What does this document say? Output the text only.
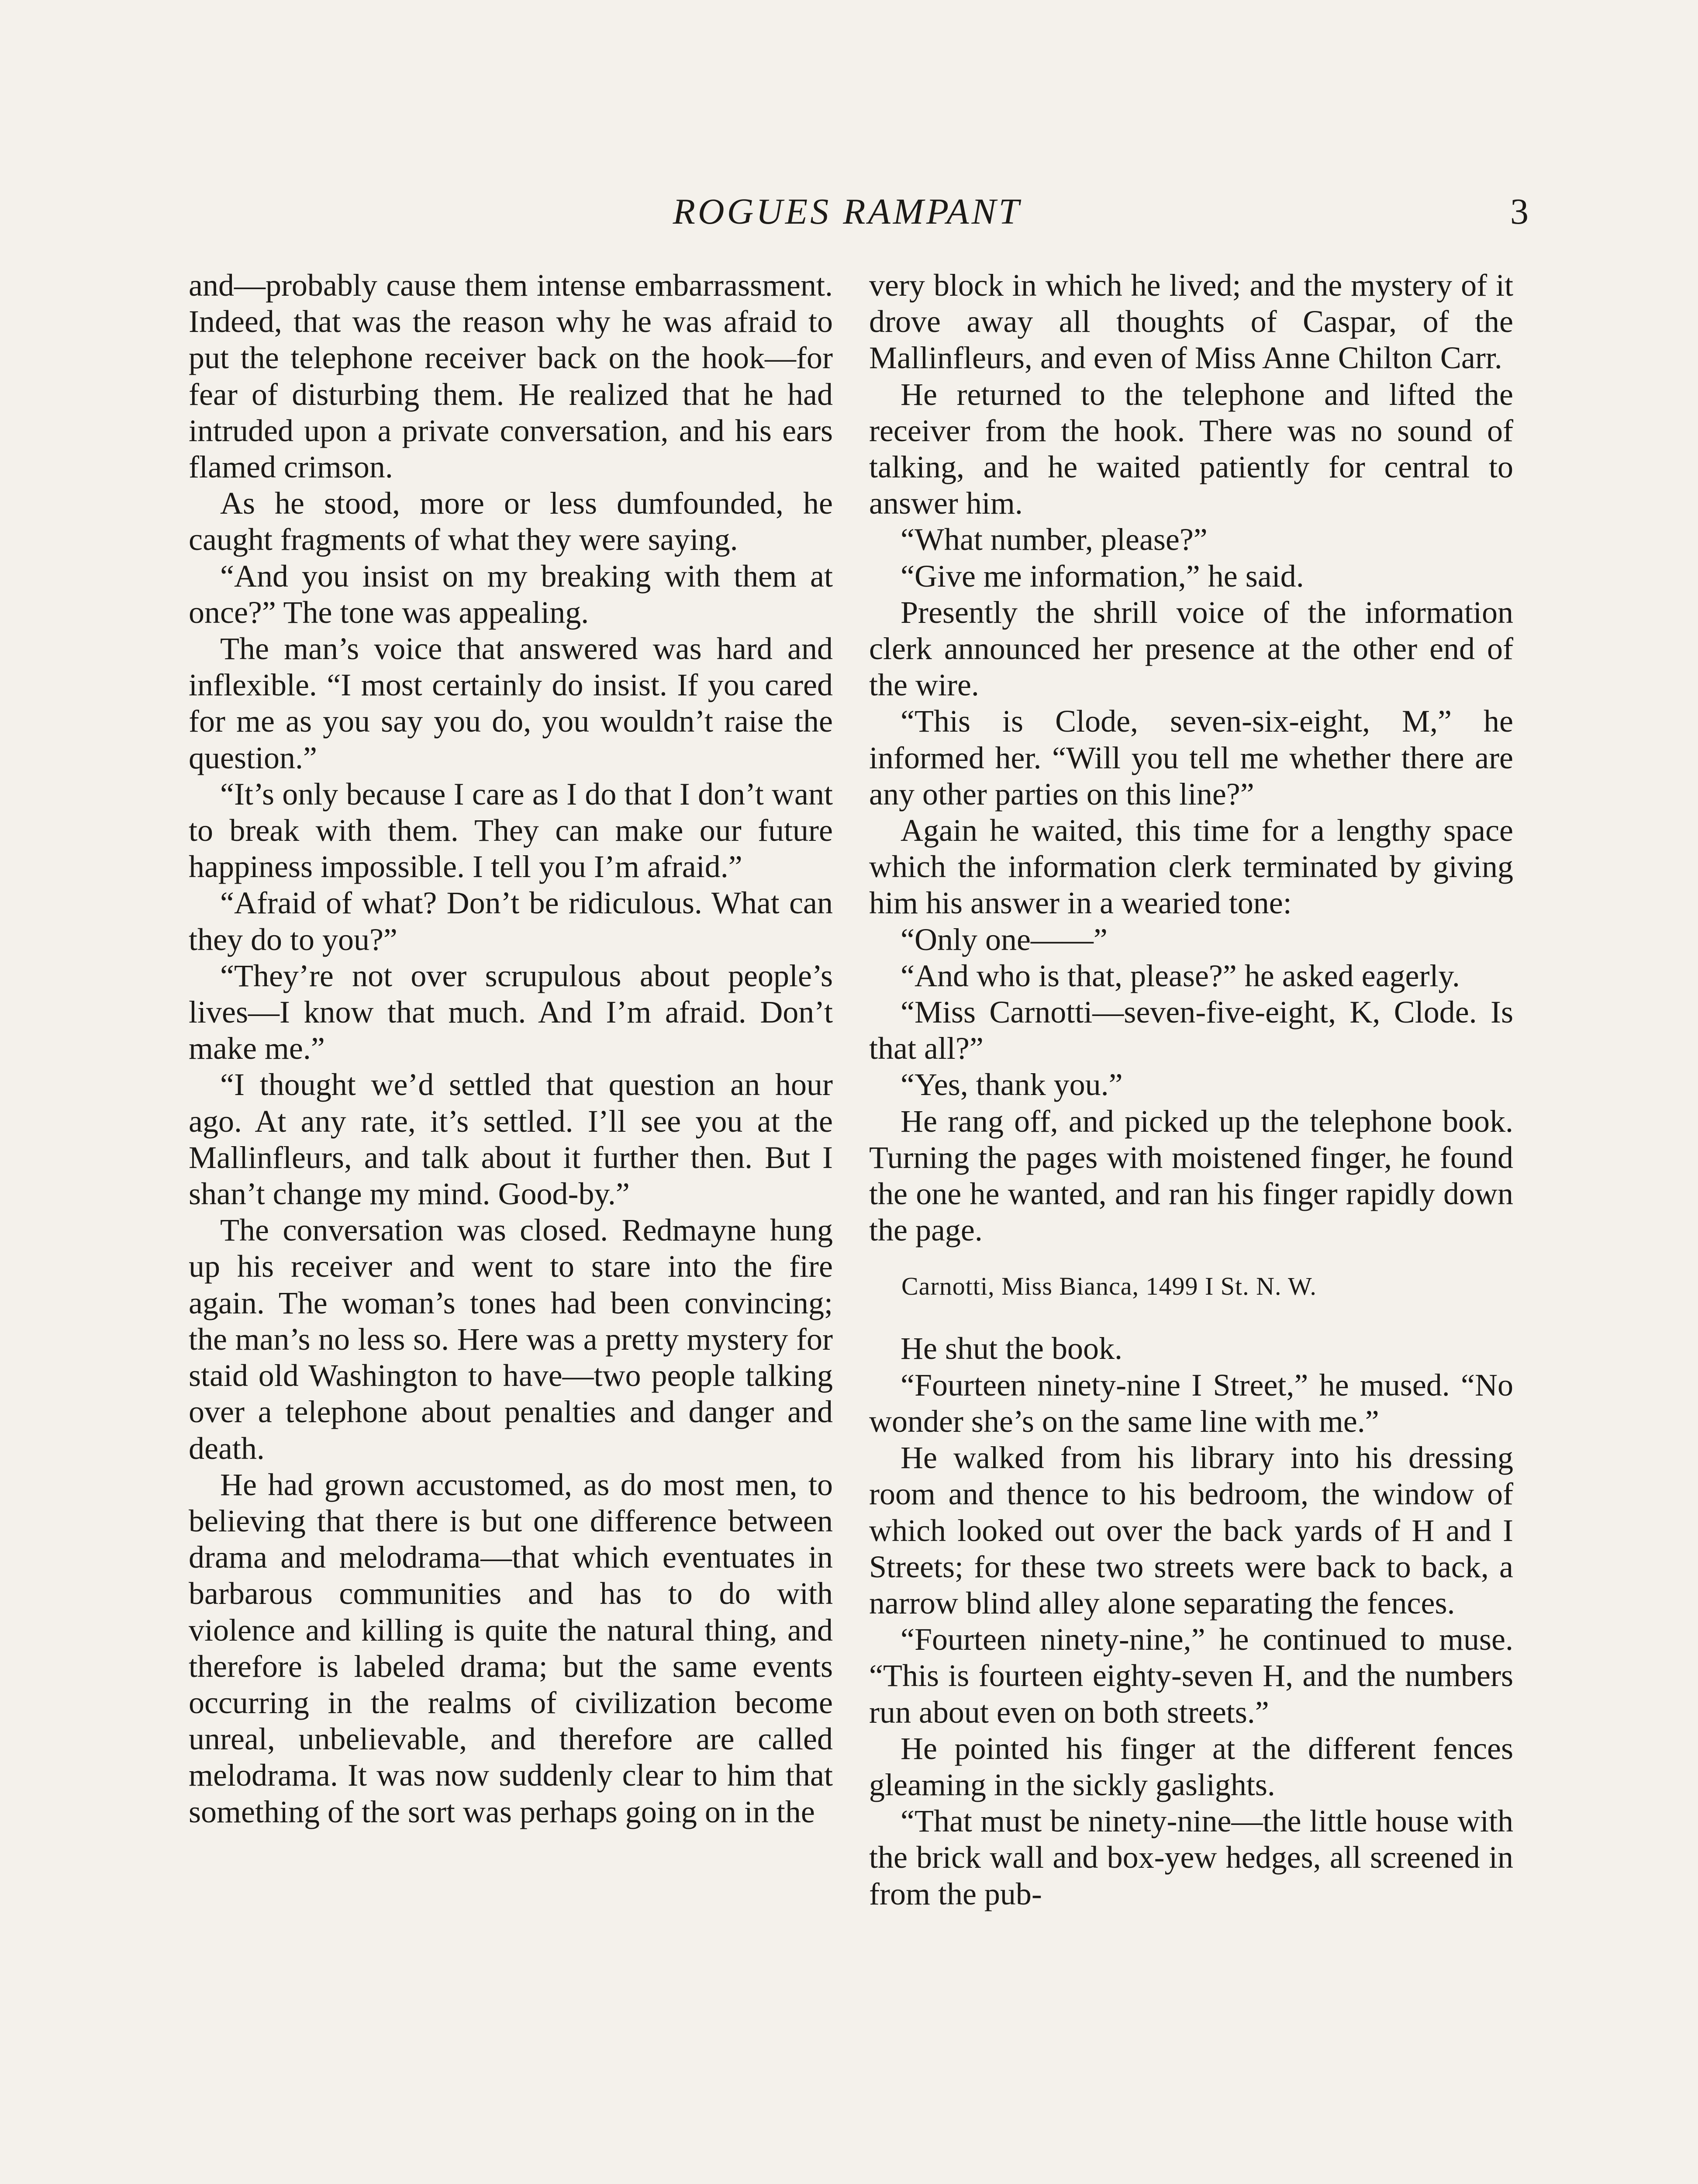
ROGUES RAMPANT	3

and—probably cause them intense embarrassment. Indeed, that was the reason why he was afraid to put the telephone receiver back on the hook—for fear of disturbing them. He realized that he had intruded upon a private conversation, and his ears flamed crimson.

As he stood, more or less dumfounded, he caught fragments of what they were saying.

“And you insist on my breaking with them at once?” The tone was appealing.

The man’s voice that answered was hard and inflexible. “I most certainly do insist. If you cared for me as you say you do, you wouldn’t raise the question.”

“It’s only because I care as I do that I don’t want to break with them. They can make our future happiness impossible. I tell you I’m afraid.”

“Afraid of what? Don’t be ridiculous. What can they do to you?”

“They’re not over scrupulous about people’s lives—I know that much. And I’m afraid. Don’t make me.”

“I thought we’d settled that question an hour ago. At any rate, it’s settled. I’ll see you at the Mallinfleurs, and talk about it further then. But I shan’t change my mind. Good-by.”

The conversation was closed. Redmayne hung up his receiver and went to stare into the fire again. The woman’s tones had been convincing; the man’s no less so. Here was a pretty mystery for staid old Washington to have—two people talking over a telephone about penalties and danger and death.

He had grown accustomed, as do most men, to believing that there is but one difference between drama and melodrama—that which eventuates in barbarous communities and has to do with violence and killing is quite the natural thing, and therefore is labeled drama; but the same events occurring in the realms of civilization become unreal, unbelievable, and therefore are called melodrama. It was now suddenly clear to him that something of the sort was perhaps going on in the

very block in which he lived; and the mystery of it drove away all thoughts of Caspar, of the Mallinfleurs, and even of Miss Anne Chilton Carr.

He returned to the telephone and lifted the receiver from the hook. There was no sound of talking, and he waited patiently for central to answer him.

“What number, please?”

“Give me information,” he said.

Presently the shrill voice of the information clerk announced her presence at the other end of the wire.

“This is Clode, seven-six-eight, M,” he informed her. “Will you tell me whether there are any other parties on this line?”

Again he waited, this time for a lengthy space which the information clerk terminated by giving him his answer in a wearied tone:

“Only one——”

“And who is that, please?” he asked eagerly.

“Miss Carnotti—seven-five-eight, K, Clode. Is that all?”

“Yes, thank you.”

He rang off, and picked up the telephone book. Turning the pages with moistened finger, he found the one he wanted, and ran his finger rapidly down the page.

Carnotti, Miss Bianca, 1499 I St. N. W.

He shut the book.

“Fourteen ninety-nine I Street,” he mused. “No wonder she’s on the same line with me.”

He walked from his library into his dressing room and thence to his bedroom, the window of which looked out over the back yards of H and I Streets; for these two streets were back to back, a narrow blind alley alone separating the fences.

“Fourteen ninety-nine,” he continued to muse. “This is fourteen eighty-seven H, and the numbers run about even on both streets.”

He pointed his finger at the different fences gleaming in the sickly gaslights.

“That must be ninety-nine—the little house with the brick wall and box-yew hedges, all screened in from the pub-
